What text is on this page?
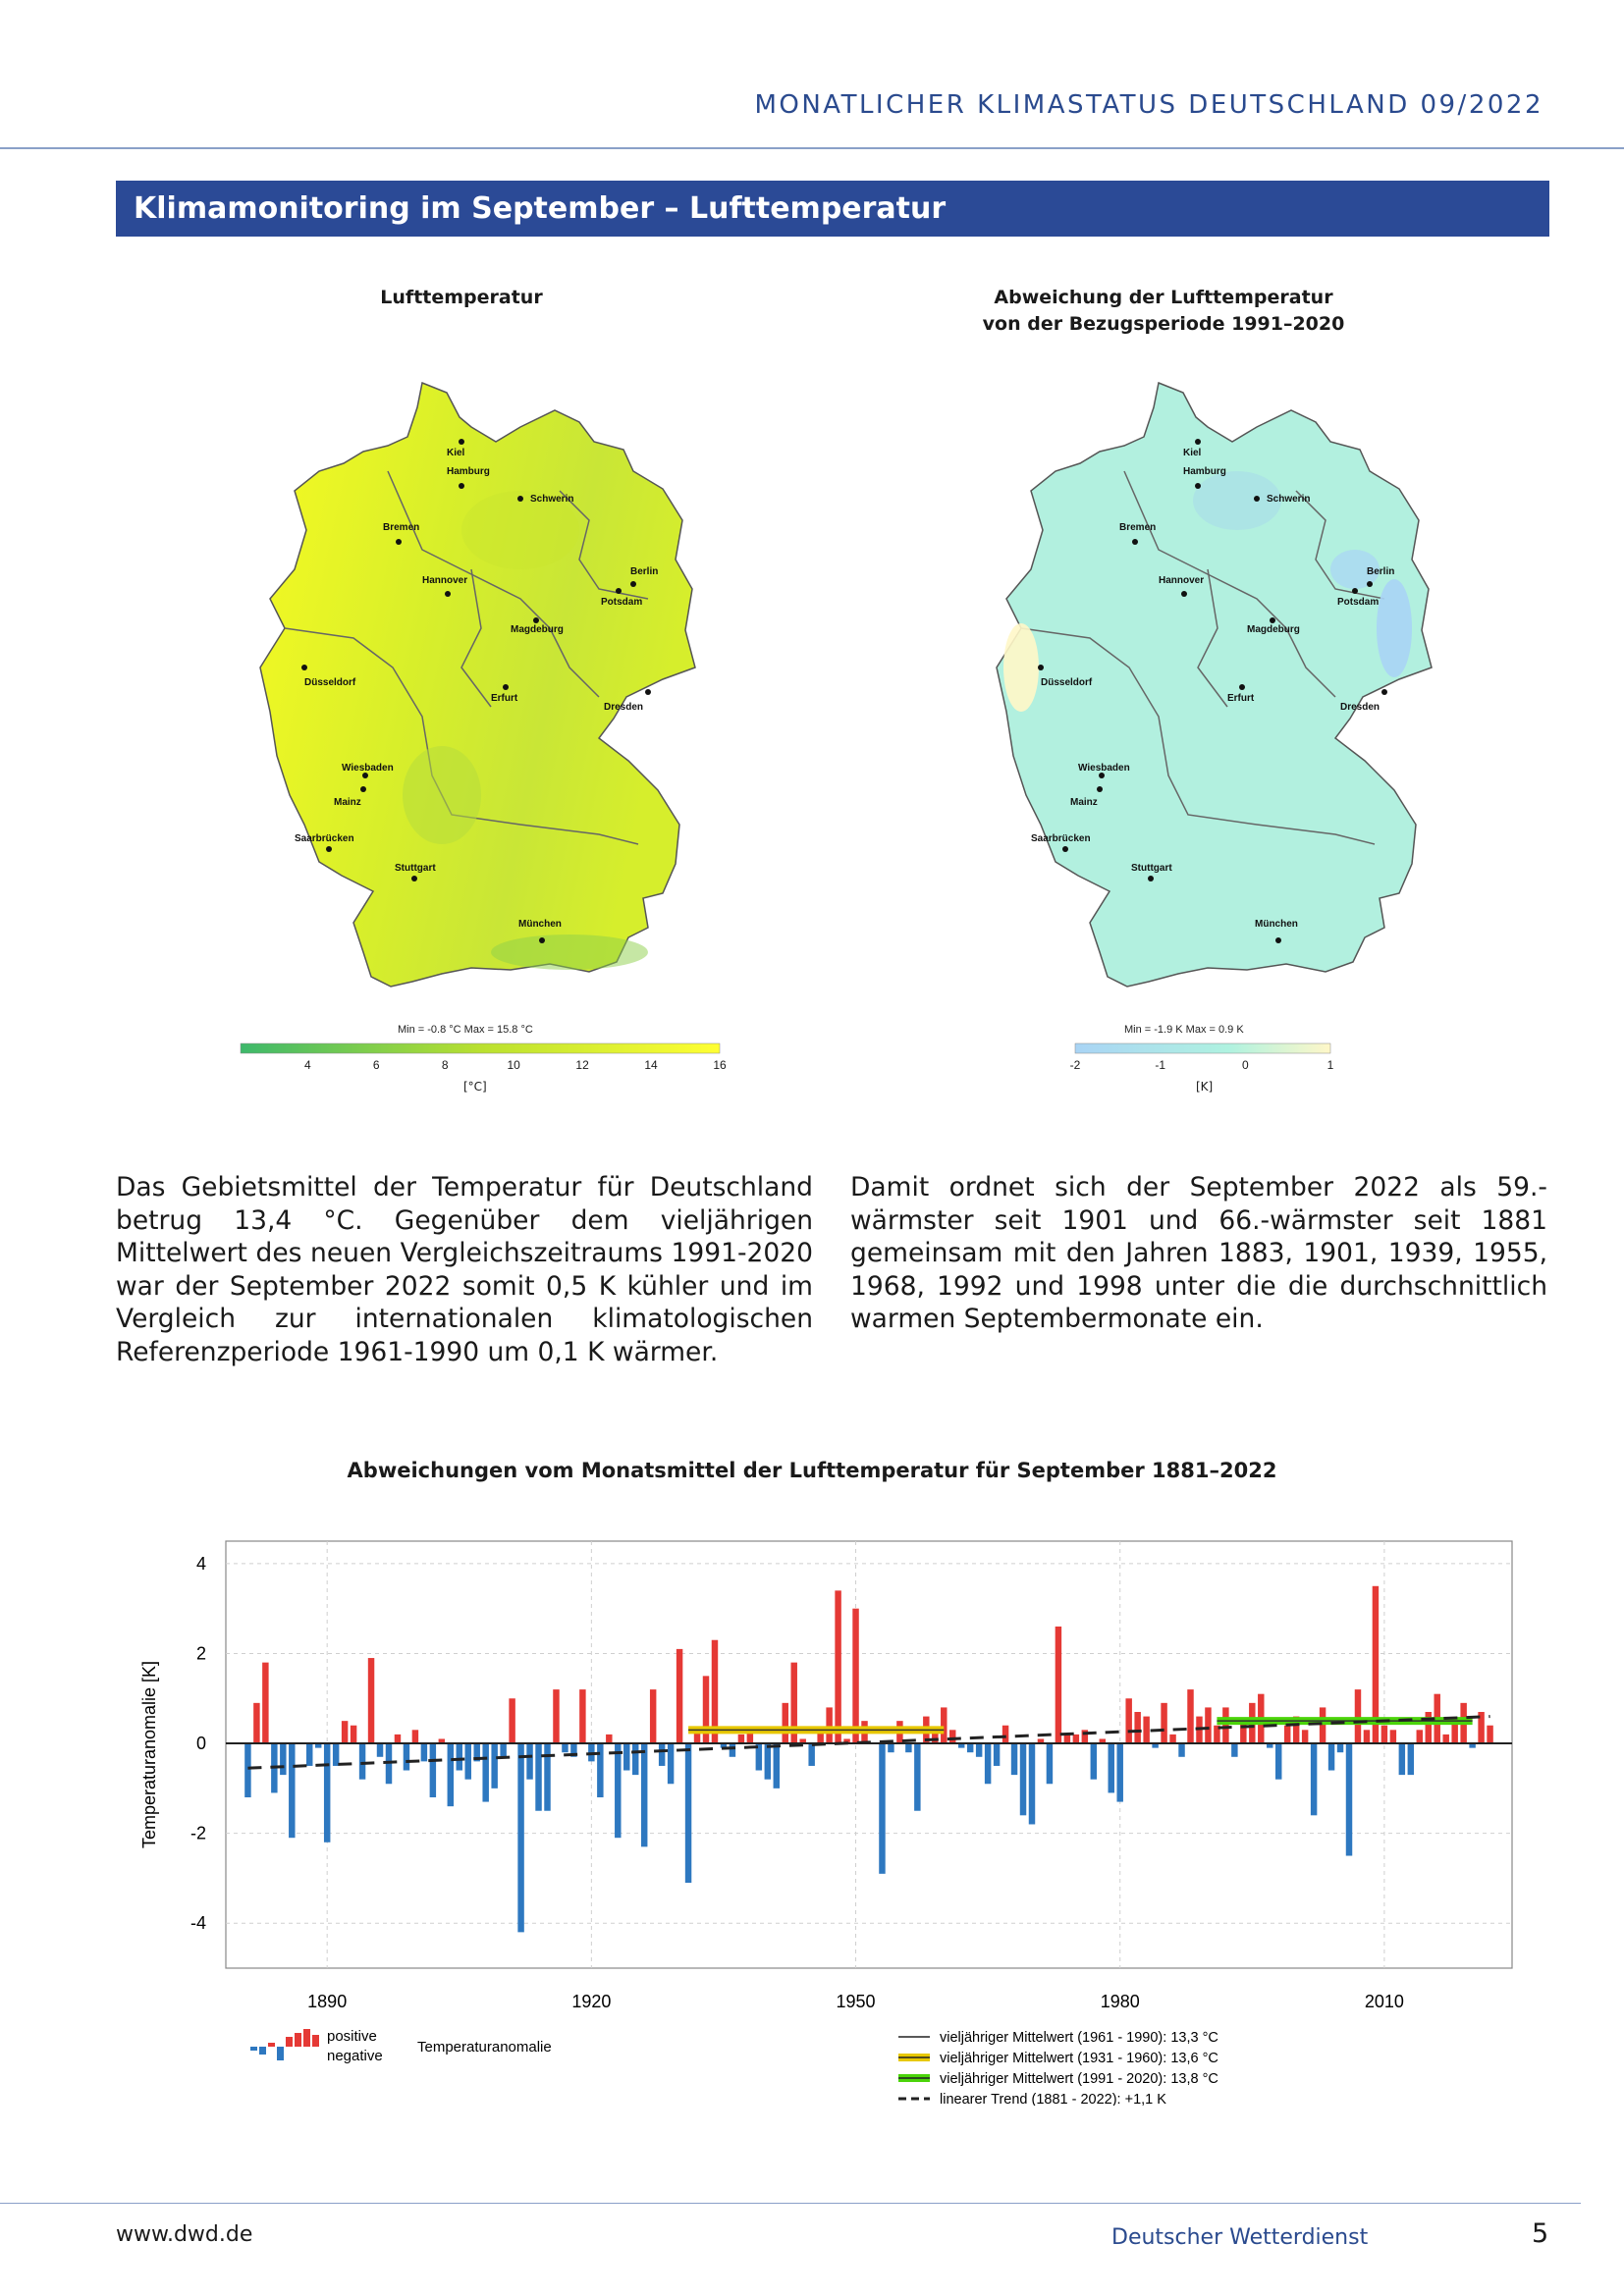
MONATLICHER KLIMASTATUS DEUTSCHLAND 09/2022
Klimamonitoring im September – Lufttemperatur
Lufttemperatur
Kiel
Hamburg
Schwerin
Bremen
Berlin
Potsdam
Hannover
Magdeburg
Düsseldorf
Erfurt
Dresden
Wiesbaden
Mainz
Saarbrücken
Stuttgart
München
Min = -0.8 °C Max = 15.8 °C
4	6	8	10	12	14	16
[°C]
Abweichung der Lufttemperatur
von der Bezugsperiode 1991–2020
Kiel
Hamburg
Schwerin
Bremen
Berlin
Potsdam
Hannover
Magdeburg
Düsseldorf
Erfurt
Dresden
Wiesbaden
Mainz
Saarbrücken
Stuttgart
München
Min = -1.9 K Max = 0.9 K
-2	-1	0	1
[K]
Das Gebietsmittel der Temperatur für Deutschland betrug 13,4 °C. Gegenüber dem vieljährigen Mittelwert des neuen Vergleichszeitraums 1991-2020 war der September 2022 somit 0,5 K kühler und im Vergleich zur internationalen klimatologischen Referenzperiode 1961-1990 um 0,1 K wärmer.
Damit ordnet sich der September 2022 als 59.-wärmster seit 1901 und 66.-wärmster seit 1881 gemeinsam mit den Jahren 1883, 1901, 1939, 1955, 1968, 1992 und 1998 unter die die durchschnittlich warmen Septembermonate ein.
Abweichungen vom Monatsmittel der Lufttemperatur für September 1881–2022
-4
-2
0
2
4
1890	1920	1950	1980	2010
Temperaturanomalie [K]
positive
negative
Temperaturanomalie
vieljähriger Mittelwert (1961 - 1990): 13,3 °C
vieljähriger Mittelwert (1931 - 1960): 13,6 °C
vieljähriger Mittelwert (1991 - 2020): 13,8 °C
linearer Trend (1881 - 2022): +1,1 K
www.dwd.de	Deutscher Wetterdienst	5
